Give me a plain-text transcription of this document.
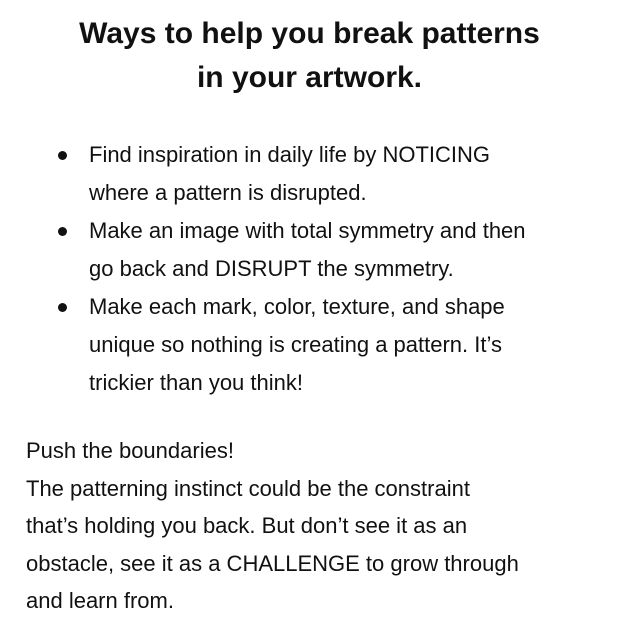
Ways to help you break patterns
in your artwork.
Find inspiration in daily life by NOTICING
where a pattern is disrupted.
Make an image with total symmetry and then
go back and DISRUPT the symmetry.
Make each mark, color, texture, and shape
unique so nothing is creating a pattern. It’s
trickier than you think!
Push the boundaries!
The patterning instinct could be the constraint
that’s holding you back. But don’t see it as an
obstacle, see it as a CHALLENGE to grow through
and learn from.
